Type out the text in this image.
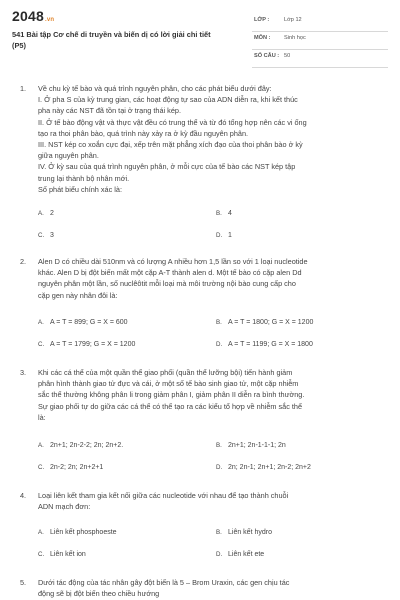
2048.vn
541 Bài tập Cơ chế di truyền và biến dị có lời giải chi tiết
(P5)
LỚP :	Lớp 12
MÔN : Sinh học
SỐ CÂU : 50
1. Về chu kỳ tế bào và quá trình nguyên phân, cho các phát biểu dưới đây:
I. Ở pha S của kỳ trung gian, các hoạt động tự sao của ADN diễn ra, khi kết thúc
pha này các NST đã tồn tại ở trạng thái kép.
II. Ở tế bào động vật và thực vật đều có trung thể và từ đó tổng hợp nên các vi ống
tạo ra thoi phân bào, quá trình này xảy ra ở kỳ đầu nguyên phân.
III. NST kép co xoắn cực đại, xếp trên mặt phẳng xích đạo của thoi phân bào ở kỳ
giữa nguyên phân.
IV. Ở kỳ sau của quá trình nguyên phân, ở mỗi cực của tế bào các NST kép tập
trung lại thành bộ nhân mới.
Số phát biểu chính xác là:
A. 2	B. 4
C. 3	D. 1
2. Alen D có chiều dài 510nm và có lượng A nhiều hơn 1,5 lần so với 1 loại nucleotide
khác. Alen D bị đột biến mất một cặp A-T thành alen d. Một tế bào có cặp alen Dd
nguyên phân một lần, số nuclêôtit mỗi loại mà môi trường nội bào cung cấp cho
cặp gen này nhân đôi là:
A. A = T = 899; G = X = 600	B. A = T = 1800; G = X = 1200
C. A = T = 1799; G = X = 1200	D. A = T = 1199; G = X = 1800
3. Khi các cá thể của một quần thể giao phối (quần thể lưỡng bội) tiến hành giảm
phân hình thành giao tử đực và cái, ở một số tế bào sinh giao tử, một cặp nhiễm
sắc thể thường không phân li trong giảm phân I, giảm phân II diễn ra bình thường.
Sự giao phối tự do giữa các cá thể có thể tạo ra các kiểu tổ hợp về nhiễm sắc thể
là:
A. 2n+1; 2n-2-2; 2n; 2n+2.	B. 2n+1; 2n-1-1-1; 2n
C. 2n-2; 2n; 2n+2+1	D. 2n; 2n-1; 2n+1; 2n-2; 2n+2
4. Loại liên kết tham gia kết nối giữa các nucleotide với nhau để tạo thành chuỗi
ADN mạch đơn:
A. Liên kết phosphoeste	B. Liên kết hydro
C. Liên kết ion	D. Liên kết ete
5. Dưới tác động của tác nhân gây đột biến là 5 – Brom Uraxin, các gen chịu tác
động sẽ bị đột biến theo chiều hướng
